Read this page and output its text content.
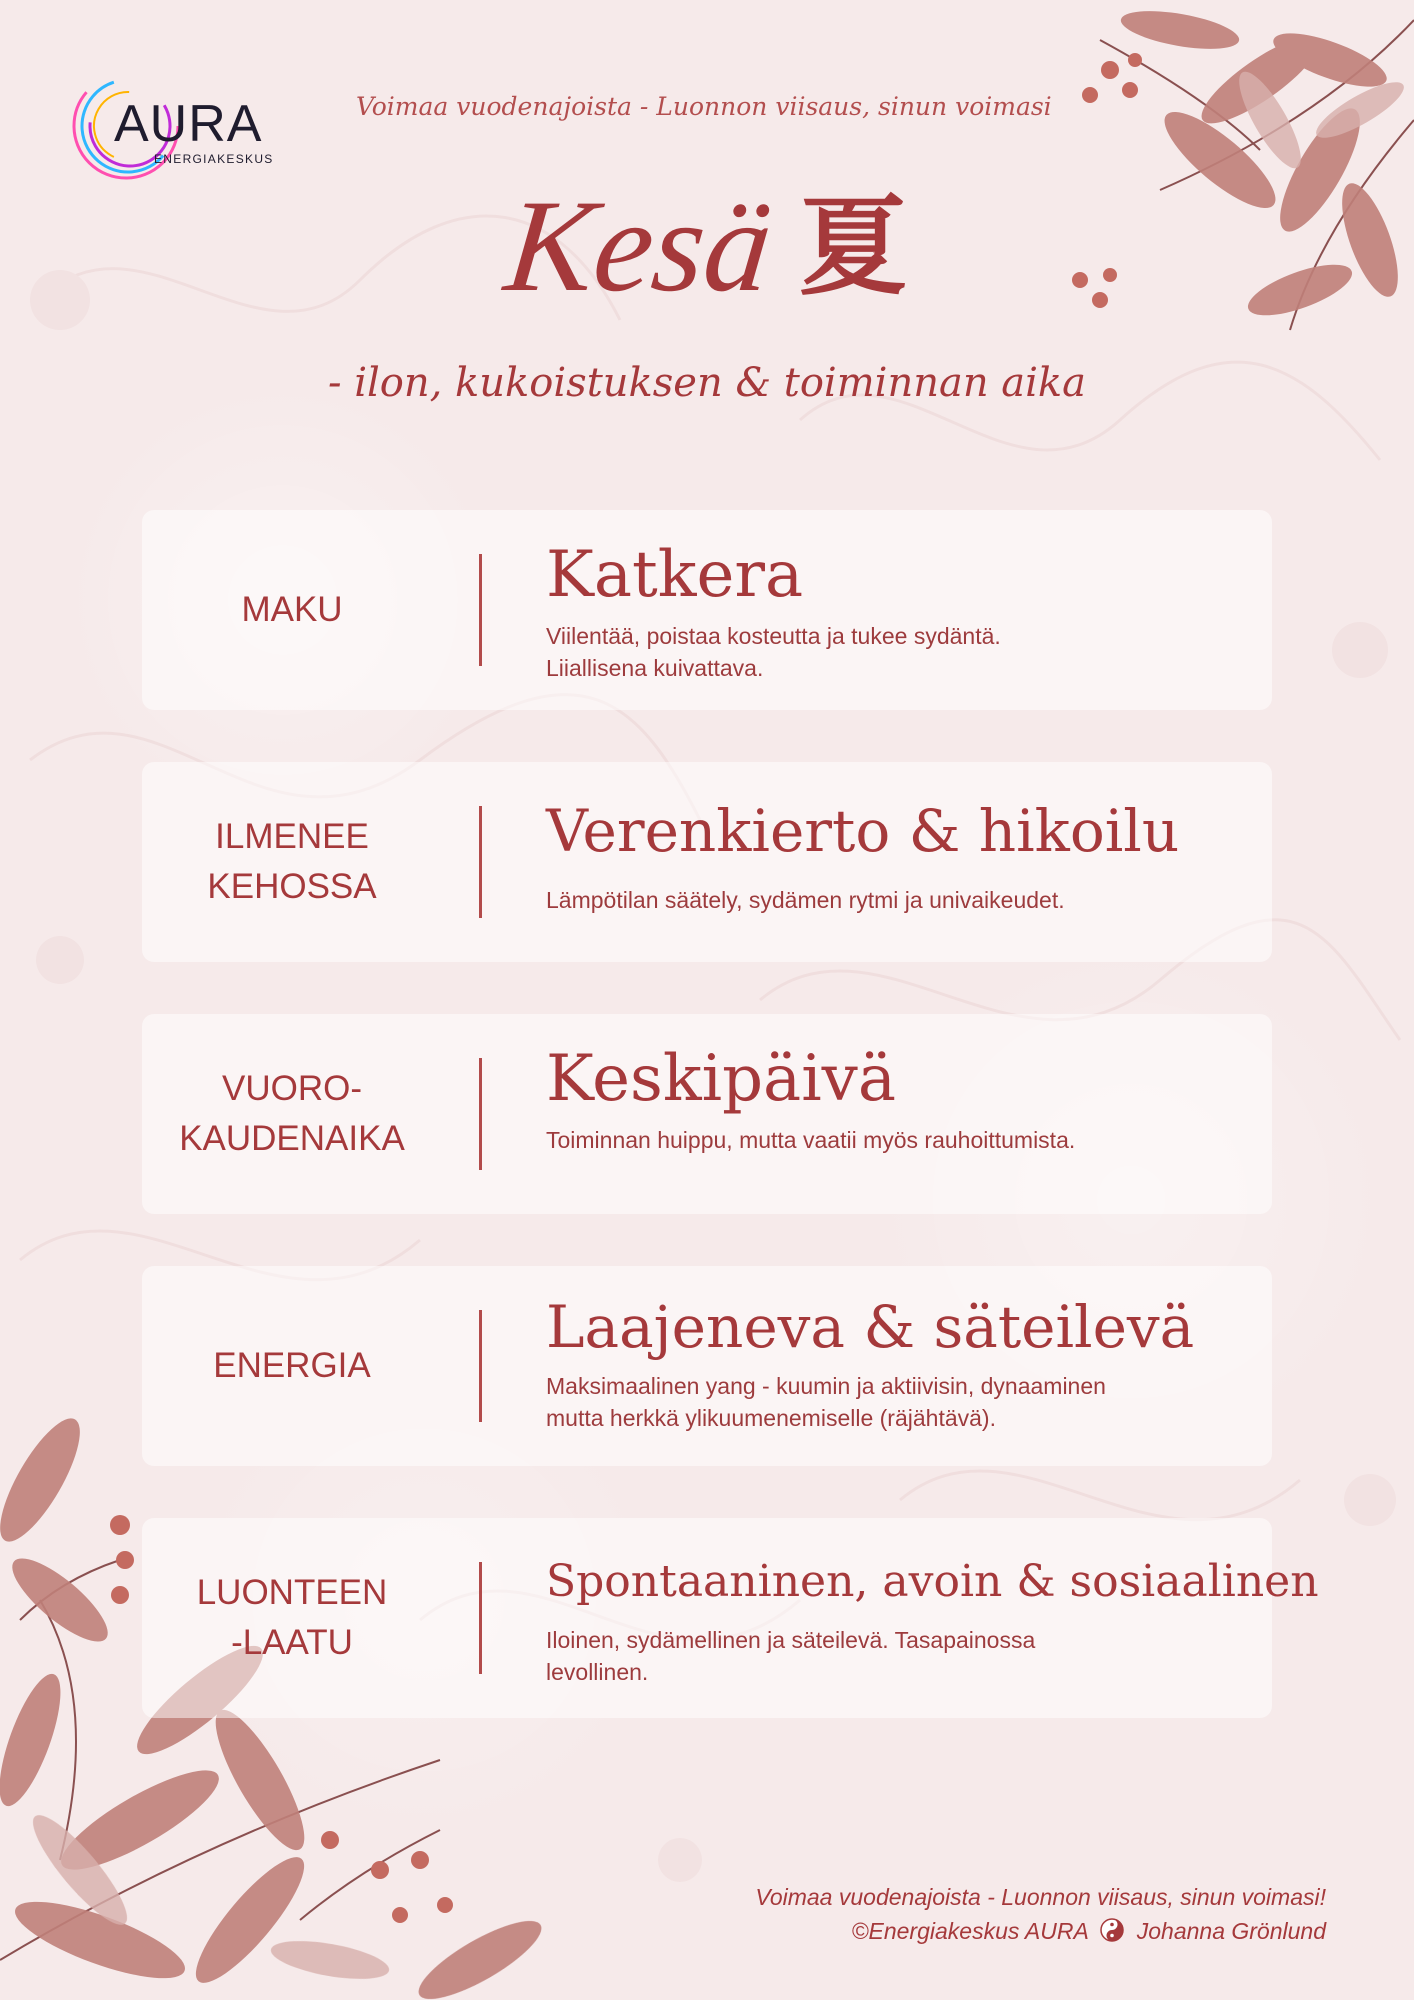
AURA
ENERGIAKESKUS
Voimaa vuodenajoista - Luonnon viisaus, sinun voimasi
Kesä 夏
- ilon, kukoistuksen & toiminnan aika
MAKU	Katkera
Viilentää, poistaa kosteutta ja tukee sydäntä.
Liiallisena kuivattava.
ILMENEE
KEHOSSA
Verenkierto & hikoilu
Lämpötilan säätely, sydämen rytmi ja univaikeudet.
VUORO-
KAUDENAIKA
Keskipäivä
Toiminnan huippu, mutta vaatii myös rauhoittumista.
ENERGIA
Laajeneva & säteilevä
Maksimaalinen yang - kuumin ja aktiivisin, dynaaminen
mutta herkkä ylikuumenemiselle (räjähtävä).
LUONTEEN
-LAATU
Spontaaninen, avoin & sosiaalinen
Iloinen, sydämellinen ja säteilevä. Tasapainossa
levollinen.
Voimaa vuodenajoista - Luonnon viisaus, sinun voimasi!
©Energiakeskus AURA Johanna Grönlund
